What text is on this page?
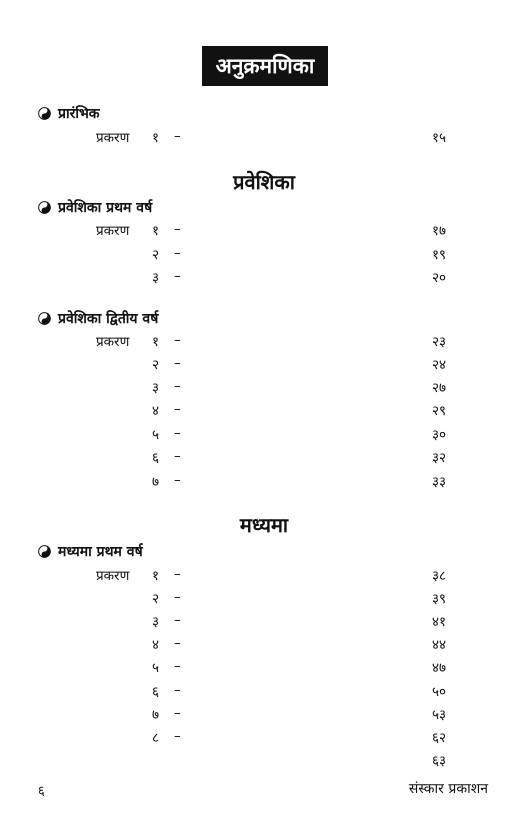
अनुक्रमणिका
प्रारंभिक
प्रकरण १ –	१५
प्रवेशिका
प्रवेशिका प्रथम वर्ष
प्रकरण १ –	१७
२ –	१९
३ –	२०
प्रवेशिका द्वितीय वर्ष
प्रकरण १ –	२३
२ –	२४
३ –	२७
४ –	२९
५ –	३०
६ –	३२
७ –	३३
मध्यमा
मध्यमा प्रथम वर्ष
प्रकरण १ –	३८
२ –	३९
३ –	४१
४ –	४४
५ –	४७
६ –	५०
७ –	५३
८ –	६२
६३
६	संस्कार प्रकाशन
